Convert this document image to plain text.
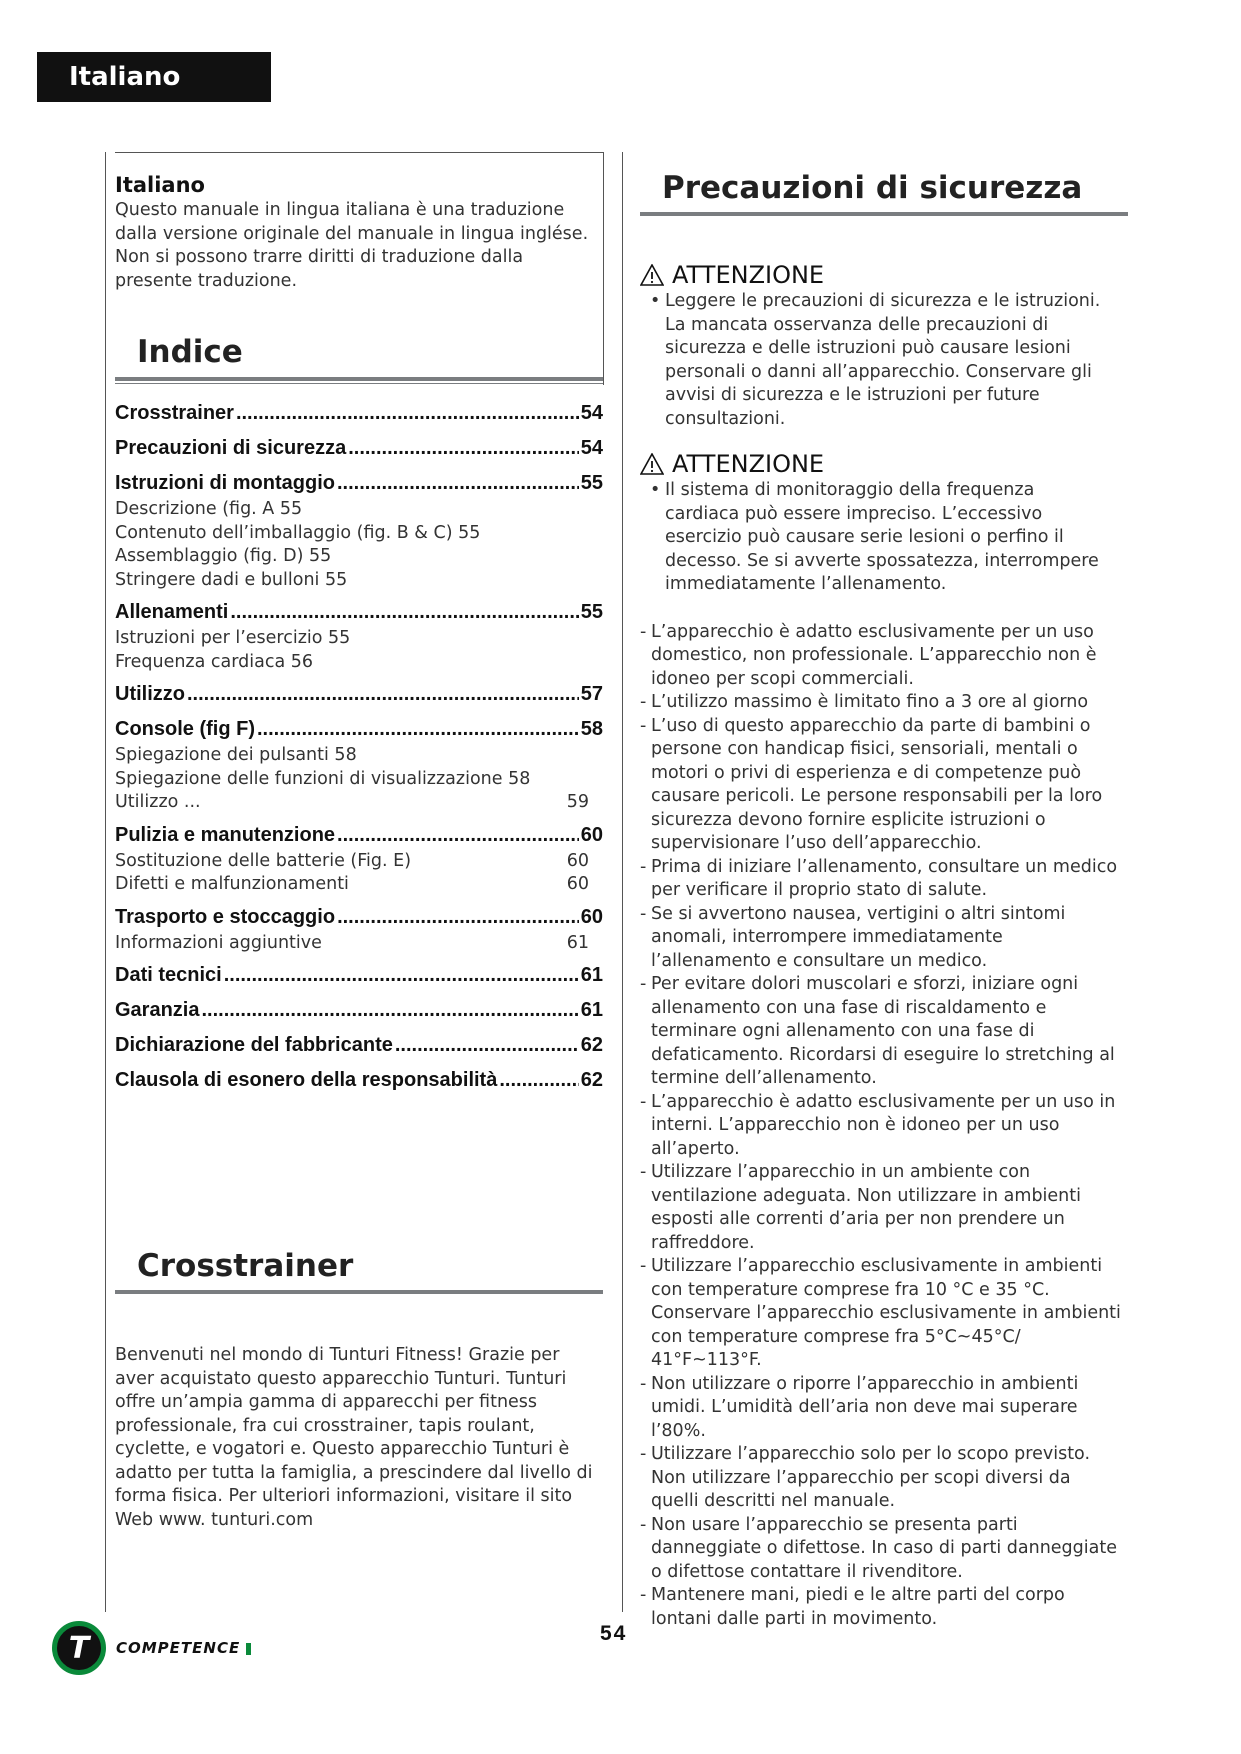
Italiano
Italiano
Questo manuale in lingua italiana è una traduzione dalla versione originale del manuale in lingua inglése. Non si possono trarre diritti di traduzione dalla presente traduzione.
Indice
Crosstrainer .....	54
Precauzioni di sicurezza .....	54
Istruzioni di montaggio .....	55
Descrizione (fig. A 55
Contenuto dell’imballaggio (fig. B & C) 55
Assemblaggio (fig. D) 55
Stringere dadi e bulloni 55
Allenamenti .....	55
Istruzioni per l’esercizio 55
Frequenza cardiaca 56
Utilizzo .....	57
Console (fig F) .....	58
Spiegazione dei pulsanti 58
Spiegazione delle funzioni di visualizzazione 58
Utilizzo ...	59
Pulizia e manutenzione .....	60
Sostituzione delle batterie (Fig. E)	60
Difetti e malfunzionamenti	60
Trasporto e stoccaggio .....	60
Informazioni aggiuntive	61
Dati tecnici .....	61
Garanzia .....	61
Dichiarazione del fabbricante .....	62
Clausola di esonero della responsabilità .....	62
Crosstrainer
Benvenuti nel mondo di Tunturi Fitness! Grazie per aver acquistato questo apparecchio Tunturi. Tunturi offre un’ampia gamma di apparecchi per fitness professionale, fra cui crosstrainer, tapis roulant, cyclette, e vogatori e. Questo apparecchio Tunturi è adatto per tutta la famiglia, a prescindere dal livello di forma fisica. Per ulteriori informazioni, visitare il sito Web www. tunturi.com
Precauzioni di sicurezza
ATTENZIONE
• Leggere le precauzioni di sicurezza e le istruzioni. La mancata osservanza delle precauzioni di sicurezza e delle istruzioni può causare lesioni personali o danni all’apparecchio. Conservare gli avvisi di sicurezza e le istruzioni per future consultazioni.
ATTENZIONE
• Il sistema di monitoraggio della frequenza cardiaca può essere impreciso. L’eccessivo esercizio può causare serie lesioni o perfino il decesso. Se si avverte spossatezza, interrompere immediatamente l’allenamento.
- L’apparecchio è adatto esclusivamente per un uso domestico, non professionale. L’apparecchio non è idoneo per scopi commerciali.
- L’utilizzo massimo è limitato fino a 3 ore al giorno
- L’uso di questo apparecchio da parte di bambini o persone con handicap fisici, sensoriali, mentali o motori o privi di esperienza e di competenze può causare pericoli. Le persone responsabili per la loro sicurezza devono fornire esplicite istruzioni o supervisionare l’uso dell’apparecchio.
- Prima di iniziare l’allenamento, consultare un medico per verificare il proprio stato di salute.
- Se si avvertono nausea, vertigini o altri sintomi anomali, interrompere immediatamente l’allenamento e consultare un medico.
- Per evitare dolori muscolari e sforzi, iniziare ogni allenamento con una fase di riscaldamento e terminare ogni allenamento con una fase di defaticamento. Ricordarsi di eseguire lo stretching al termine dell’allenamento.
- L’apparecchio è adatto esclusivamente per un uso in interni. L’apparecchio non è idoneo per un uso all’aperto.
- Utilizzare l’apparecchio in un ambiente con ventilazione adeguata. Non utilizzare in ambienti esposti alle correnti d’aria per non prendere un raffreddore.
- Utilizzare l’apparecchio esclusivamente in ambienti con temperature comprese fra 10 °C e 35 °C. Conservare l’apparecchio esclusivamente in ambienti con temperature comprese fra 5°C~45°C/ 41°F~113°F.
- Non utilizzare o riporre l’apparecchio in ambienti umidi. L’umidità dell’aria non deve mai superare l’80%.
- Utilizzare l’apparecchio solo per lo scopo previsto. Non utilizzare l’apparecchio per scopi diversi da quelli descritti nel manuale.
- Non usare l’apparecchio se presenta parti danneggiate o difettose. In caso di parti danneggiate o difettose contattare il rivenditore.
- Mantenere mani, piedi e le altre parti del corpo lontani dalle parti in movimento.
54
T	COMPETENCE
